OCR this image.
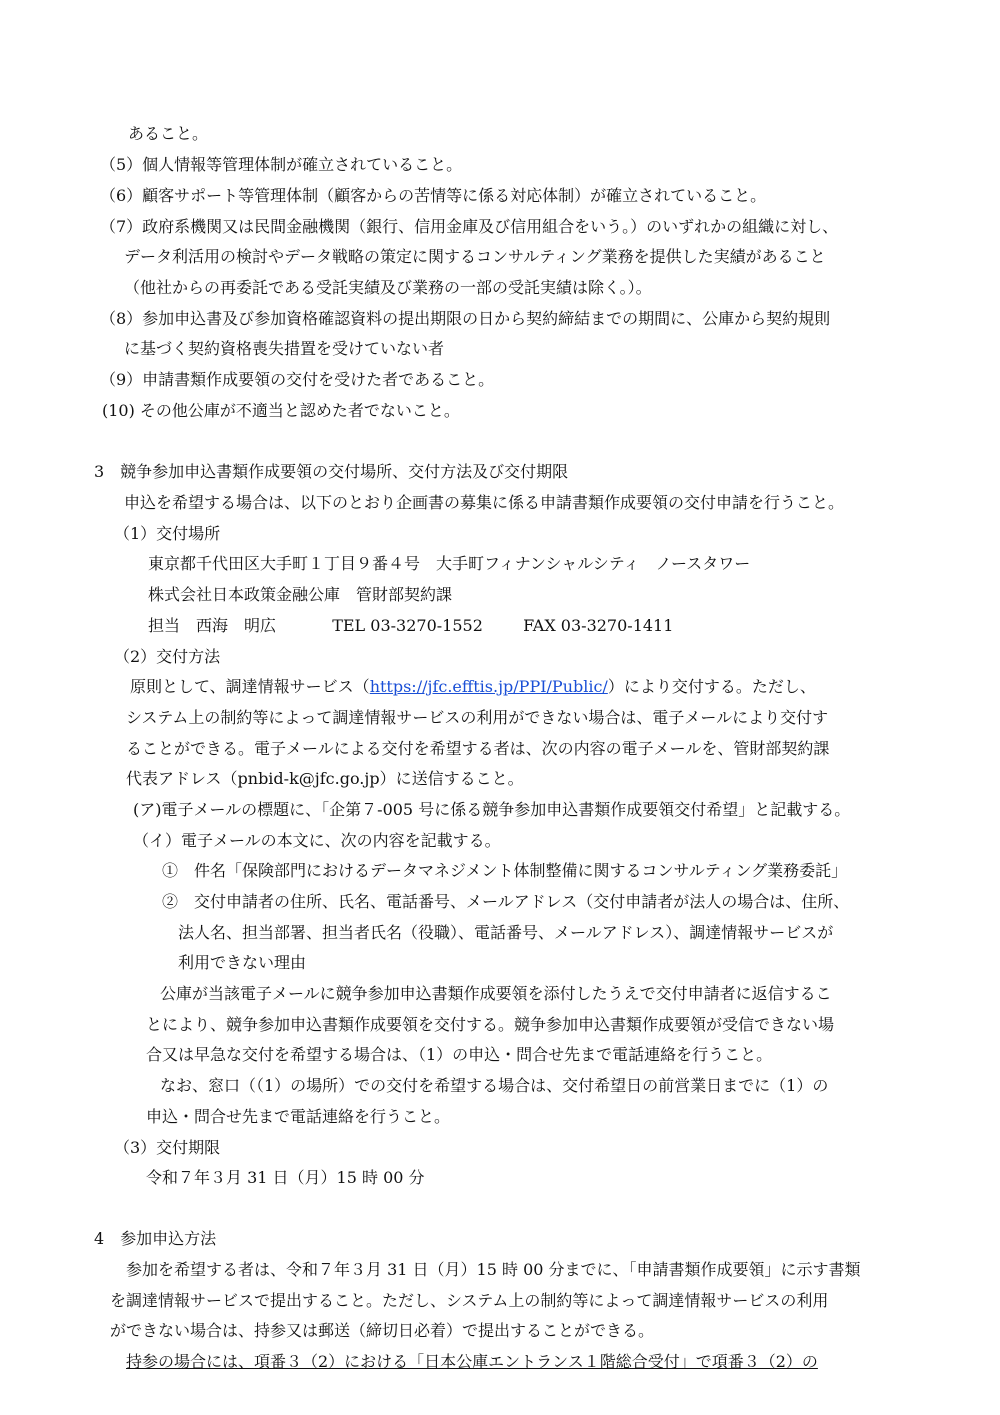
あること。
（5）個人情報等管理体制が確立されていること。
（6）顧客サポート等管理体制（顧客からの苦情等に係る対応体制）が確立されていること。
（7）政府系機関又は民間金融機関（銀行、信用金庫及び信用組合をいう。）のいずれかの組織に対し、
データ利活用の検討やデータ戦略の策定に関するコンサルティング業務を提供した実績があること
（他社からの再委託である受託実績及び業務の一部の受託実績は除く。）。
（8）参加申込書及び参加資格確認資料の提出期限の日から契約締結までの期間に、公庫から契約規則
に基づく契約資格喪失措置を受けていない者
（9）申請書類作成要領の交付を受けた者であること。
(10) その他公庫が不適当と認めた者でないこと。
3　競争参加申込書類作成要領の交付場所、交付方法及び交付期限
申込を希望する場合は、以下のとおり企画書の募集に係る申請書類作成要領の交付申請を行うこと。
（1）交付場所
東京都千代田区大手町１丁目９番４号　大手町フィナンシャルシティ　ノースタワー
株式会社日本政策金融公庫　管財部契約課
担当　西海　明広	TEL 03-3270-1552	FAX 03-3270-1411
（2）交付方法
原則として、調達情報サービス（https://jfc.efftis.jp/PPI/Public/）により交付する。ただし、
システム上の制約等によって調達情報サービスの利用ができない場合は、電子メールにより交付す
ることができる。電子メールによる交付を希望する者は、次の内容の電子メールを、管財部契約課
代表アドレス（pnbid-k@jfc.go.jp）に送信すること。
(ア)電子メールの標題に、「企第７-005 号に係る競争参加申込書類作成要領交付希望」と記載する。
（イ）電子メールの本文に、次の内容を記載する。
①　件名「保険部門におけるデータマネジメント体制整備に関するコンサルティング業務委託」
②　交付申請者の住所、氏名、電話番号、メールアドレス（交付申請者が法人の場合は、住所、
法人名、担当部署、担当者氏名（役職）、電話番号、メールアドレス）、調達情報サービスが
利用できない理由
公庫が当該電子メールに競争参加申込書類作成要領を添付したうえで交付申請者に返信するこ
とにより、競争参加申込書類作成要領を交付する。競争参加申込書類作成要領が受信できない場
合又は早急な交付を希望する場合は、（1）の申込・問合せ先まで電話連絡を行うこと。
なお、窓口（（1）の場所）での交付を希望する場合は、交付希望日の前営業日までに（1）の
申込・問合せ先まで電話連絡を行うこと。
（3）交付期限
令和７年３月 31 日（月）15 時 00 分
4　参加申込方法
参加を希望する者は、令和７年３月 31 日（月）15 時 00 分までに、「申請書類作成要領」に示す書類
を調達情報サービスで提出すること。ただし、システム上の制約等によって調達情報サービスの利用
ができない場合は、持参又は郵送（締切日必着）で提出することができる。
持参の場合には、項番３（2）における「日本公庫エントランス１階総合受付」で項番３（2）の
